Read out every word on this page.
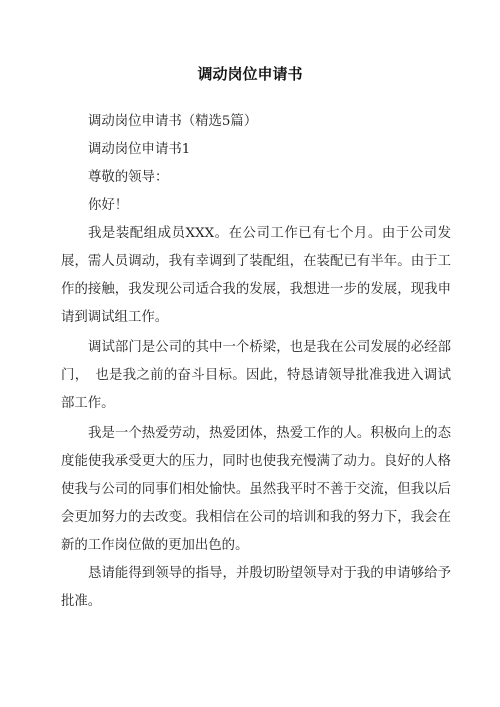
调动岗位申请书

调动岗位申请书（精选5篇）

调动岗位申请书1

尊敬的领导：

你好！

我是装配组成员XXX。在公司工作已有七个月。由于公司发展，需人员调动，我有幸调到了装配组，在装配已有半年。由于工作的接触，我发现公司适合我的发展，我想进一步的发展，现我申请到调试组工作。

调试部门是公司的其中一个桥梁，也是我在公司发展的必经部门，　也是我之前的奋斗目标。因此，特恳请领导批准我进入调试部工作。

我是一个热爱劳动，热爱团体，热爱工作的人。积极向上的态度能使我承受更大的压力，同时也使我充慢满了动力。良好的人格使我与公司的同事们相处愉快。虽然我平时不善于交流，但我以后会更加努力的去改变。我相信在公司的培训和我的努力下，我会在新的工作岗位做的更加出色的。

恳请能得到领导的指导，并殷切盼望领导对于我的申请够给予批准。
